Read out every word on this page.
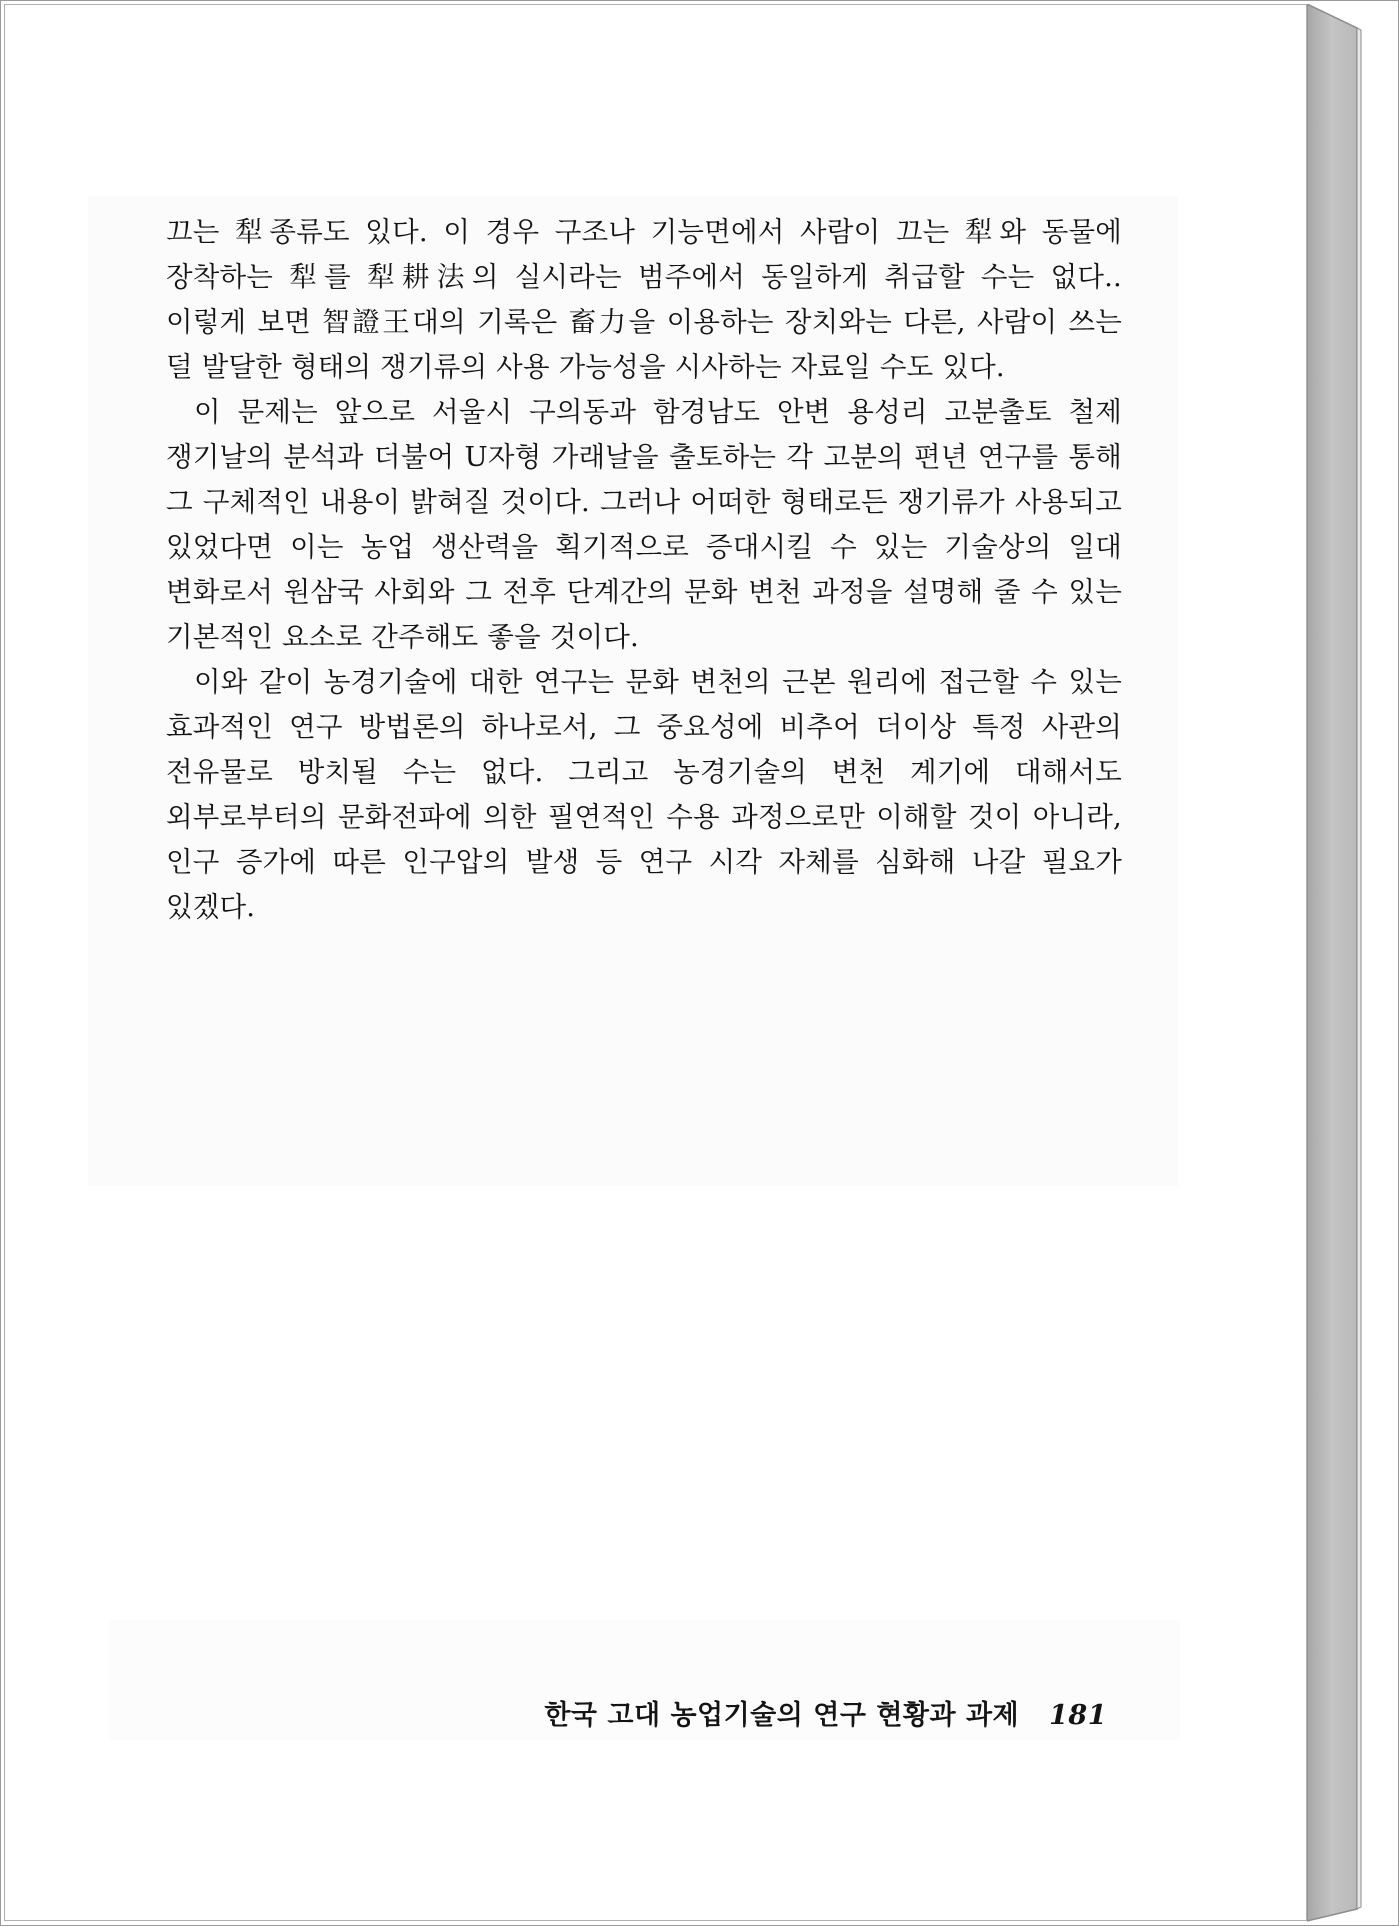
끄는 犁종류도 있다. 이 경우 구조나 기능면에서 사람이 끄는 犁와 동물에 장착하는 犁를 犁耕法의 실시라는 범주에서 동일하게 취급할 수는 없다.. 이렇게 보면 智證王대의 기록은 畜力을 이용하는 장치와는 다른, 사람이 쓰는 덜 발달한 형태의 쟁기류의 사용 가능성을 시사하는 자료일 수도 있다.

이 문제는 앞으로 서울시 구의동과 함경남도 안변 용성리 고분출토 철제 쟁기날의 분석과 더불어 U자형 가래날을 출토하는 각 고분의 편년 연구를 통해 그 구체적인 내용이 밝혀질 것이다. 그러나 어떠한 형태로든 쟁기류가 사용되고 있었다면 이는 농업 생산력을 획기적으로 증대시킬 수 있는 기술상의 일대 변화로서 원삼국 사회와 그 전후 단계간의 문화 변천 과정을 설명해 줄 수 있는 기본적인 요소로 간주해도 좋을 것이다.

이와 같이 농경기술에 대한 연구는 문화 변천의 근본 원리에 접근할 수 있는 효과적인 연구 방법론의 하나로서, 그 중요성에 비추어 더이상 특정 사관의 전유물로 방치될 수는 없다. 그리고 농경기술의 변천 계기에 대해서도 외부로부터의 문화전파에 의한 필연적인 수용 과정으로만 이해할 것이 아니라, 인구 증가에 따른 인구압의 발생 등 연구 시각 자체를 심화해 나갈 필요가 있겠다.

한국 고대 농업기술의 연구 현황과 과제 181
